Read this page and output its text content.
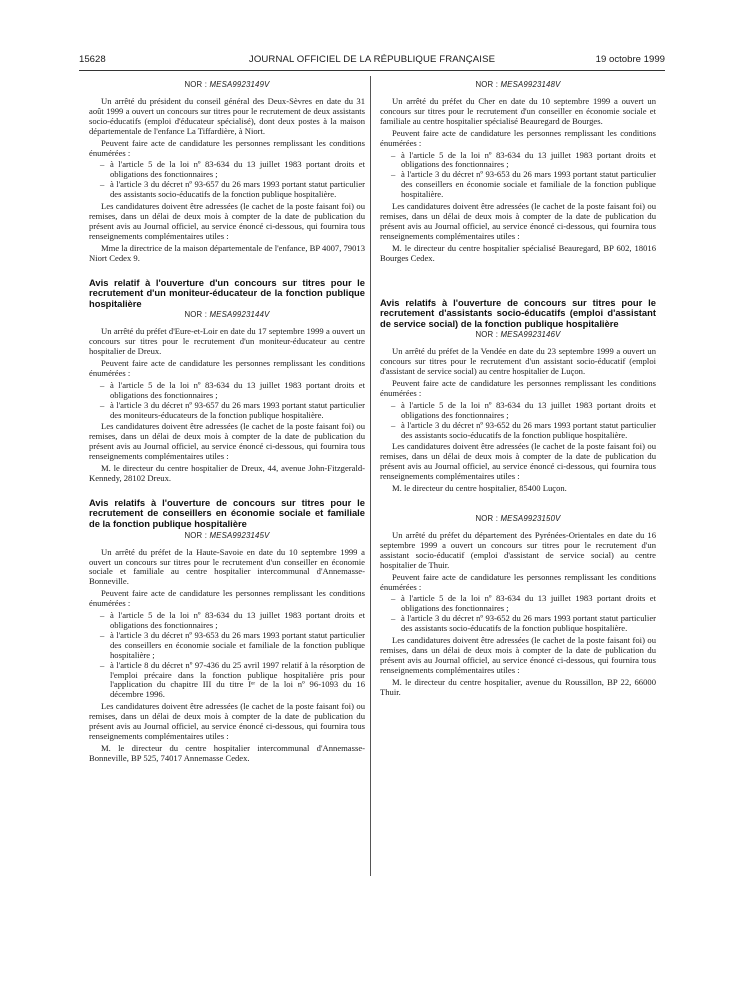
15628	JOURNAL OFFICIEL DE LA RÉPUBLIQUE FRANÇAISE	19 octobre 1999
NOR : MESA9923149V

Un arrêté du président du conseil général des Deux-Sèvres en date du 31 août 1999 a ouvert un concours sur titres pour le recrutement de deux assistants socio-éducatifs (emploi d'éducateur spécialisé), dont deux postes à la maison départementale de l'enfance La Tiffardière, à Niort.

Peuvent faire acte de candidature les personnes remplissant les conditions énumérées :

– à l'article 5 de la loi nº 83-634 du 13 juillet 1983 portant droits et obligations des fonctionnaires ;
– à l'article 3 du décret nº 93-657 du 26 mars 1993 portant statut particulier des assistants socio-éducatifs de la fonction publique hospitalière.

Les candidatures doivent être adressées (le cachet de la poste faisant foi) ou remises, dans un délai de deux mois à compter de la date de publication du présent avis au Journal officiel, au service énoncé ci-dessous, qui fournira tous renseignements complémentaires utiles :

Mme la directrice de la maison départementale de l'enfance, BP 4007, 79013 Niort Cedex 9.

Avis relatif à l'ouverture d'un concours sur titres pour le recrutement d'un moniteur-éducateur de la fonction publique hospitalière
NOR : MESA9923144V

Un arrêté du préfet d'Eure-et-Loir en date du 17 septembre 1999 a ouvert un concours sur titres pour le recrutement d'un moniteur-éducateur au centre hospitalier de Dreux.

Peuvent faire acte de candidature les personnes remplissant les conditions énumérées :

– à l'article 5 de la loi nº 83-634 du 13 juillet 1983 portant droits et obligations des fonctionnaires ;
– à l'article 3 du décret nº 93-657 du 26 mars 1993 portant statut particulier des moniteurs-éducateurs de la fonction publique hospitalière.

Les candidatures doivent être adressées (le cachet de la poste faisant foi) ou remises, dans un délai de deux mois à compter de la date de publication du présent avis au Journal officiel, au service énoncé ci-dessous, qui fournira tous renseignements complémentaires utiles :

M. le directeur du centre hospitalier de Dreux, 44, avenue John-Fitzgerald-Kennedy, 28102 Dreux.

Avis relatifs à l'ouverture de concours sur titres pour le recrutement de conseillers en économie sociale et familiale de la fonction publique hospitalière
NOR : MESA9923145V

Un arrêté du préfet de la Haute-Savoie en date du 10 septembre 1999 a ouvert un concours sur titres pour le recrutement d'un conseiller en économie sociale et familiale au centre hospitalier intercommunal d'Annemasse-Bonneville.

Peuvent faire acte de candidature les personnes remplissant les conditions énumérées :

– à l'article 5 de la loi nº 83-634 du 13 juillet 1983 portant droits et obligations des fonctionnaires ;
– à l'article 3 du décret nº 93-653 du 26 mars 1993 portant statut particulier des conseillers en économie sociale et familiale de la fonction publique hospitalière ;
– à l'article 8 du décret nº 97-436 du 25 avril 1997 relatif à la résorption de l'emploi précaire dans la fonction publique hospitalière pris pour l'application du chapitre III du titre Iᵉʳ de la loi nº 96-1093 du 16 décembre 1996.

Les candidatures doivent être adressées (le cachet de la poste faisant foi) ou remises, dans un délai de deux mois à compter de la date de publication du présent avis au Journal officiel, au service énoncé ci-dessous, qui fournira tous renseignements complémentaires utiles :

M. le directeur du centre hospitalier intercommunal d'Annemasse-Bonneville, BP 525, 74017 Annemasse Cedex.

NOR : MESA9923148V

Un arrêté du préfet du Cher en date du 10 septembre 1999 a ouvert un concours sur titres pour le recrutement d'un conseiller en économie sociale et familiale au centre hospitalier spécialisé Beauregard de Bourges.

Peuvent faire acte de candidature les personnes remplissant les conditions énumérées :

– à l'article 5 de la loi nº 83-634 du 13 juillet 1983 portant droits et obligations des fonctionnaires ;
– à l'article 3 du décret nº 93-653 du 26 mars 1993 portant statut particulier des conseillers en économie sociale et familiale de la fonction publique hospitalière.

Les candidatures doivent être adressées (le cachet de la poste faisant foi) ou remises, dans un délai de deux mois à compter de la date de publication du présent avis au Journal officiel, au service énoncé ci-dessous, qui fournira tous renseignements complémentaires utiles :

M. le directeur du centre hospitalier spécialisé Beauregard, BP 602, 18016 Bourges Cedex.

Avis relatifs à l'ouverture de concours sur titres pour le recrutement d'assistants socio-éducatifs (emploi d'assistant de service social) de la fonction publique hospitalière
NOR : MESA9923146V

Un arrêté du préfet de la Vendée en date du 23 septembre 1999 a ouvert un concours sur titres pour le recrutement d'un assistant socio-éducatif (emploi d'assistant de service social) au centre hospitalier de Luçon.

Peuvent faire acte de candidature les personnes remplissant les conditions énumérées :

– à l'article 5 de la loi nº 83-634 du 13 juillet 1983 portant droits et obligations des fonctionnaires ;
– à l'article 3 du décret nº 93-652 du 26 mars 1993 portant statut particulier des assistants socio-éducatifs de la fonction publique hospitalière.

Les candidatures doivent être adressées (le cachet de la poste faisant foi) ou remises, dans un délai de deux mois à compter de la date de publication du présent avis au Journal officiel, au service énoncé ci-dessous, qui fournira tous renseignements complémentaires utiles :

M. le directeur du centre hospitalier, 85400 Luçon.

NOR : MESA9923150V

Un arrêté du préfet du département des Pyrénées-Orientales en date du 16 septembre 1999 a ouvert un concours sur titres pour le recrutement d'un assistant socio-éducatif (emploi d'assistant de service social) au centre hospitalier de Thuir.

Peuvent faire acte de candidature les personnes remplissant les conditions énumérées :

– à l'article 5 de la loi nº 83-634 du 13 juillet 1983 portant droits et obligations des fonctionnaires ;
– à l'article 3 du décret nº 93-652 du 26 mars 1993 portant statut particulier des assistants socio-éducatifs de la fonction publique hospitalière.

Les candidatures doivent être adressées (le cachet de la poste faisant foi) ou remises, dans un délai de deux mois à compter de la date de publication du présent avis au Journal officiel, au service énoncé ci-dessous, qui fournira tous renseignements complémentaires utiles :

M. le directeur du centre hospitalier, avenue du Roussillon, BP 22, 66000 Thuir.
